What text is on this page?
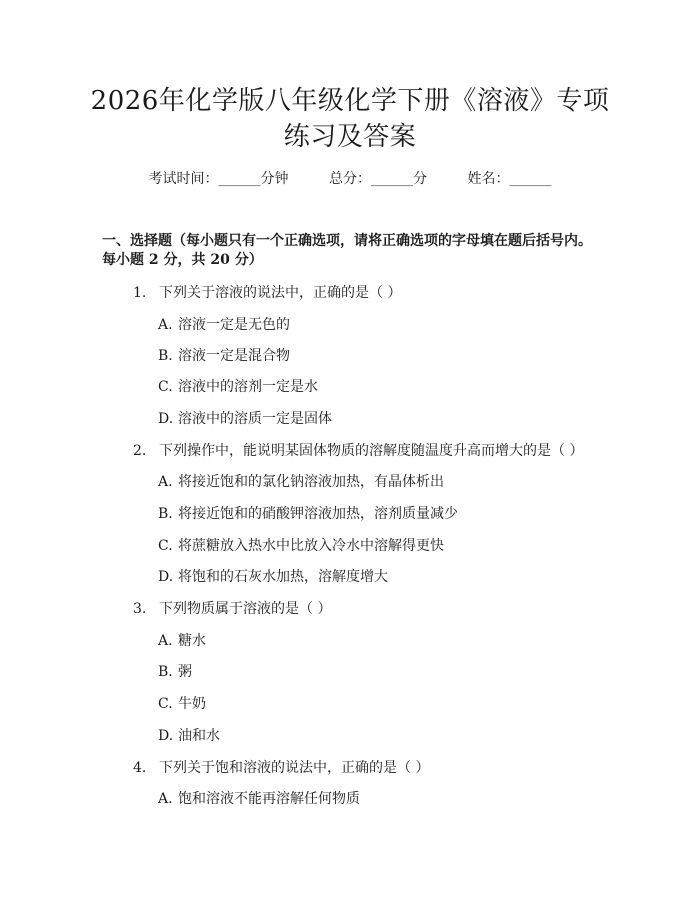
2026年化学版八年级化学下册《溶液》专项
练习及答案
考试时间：______分钟	总分：______分	姓名：______
一、选择题（每小题只有一个正确选项，请将正确选项的字母填在题后括号内。
每小题 2 分，共 20 分）
1. 下列关于溶液的说法中，正确的是（ ）
A. 溶液一定是无色的
B. 溶液一定是混合物
C. 溶液中的溶剂一定是水
D. 溶液中的溶质一定是固体
2. 下列操作中，能说明某固体物质的溶解度随温度升高而增大的是（ ）
A. 将接近饱和的氯化钠溶液加热，有晶体析出
B. 将接近饱和的硝酸钾溶液加热，溶剂质量减少
C. 将蔗糖放入热水中比放入冷水中溶解得更快
D. 将饱和的石灰水加热，溶解度增大
3. 下列物质属于溶液的是（ ）
A. 糖水
B. 粥
C. 牛奶
D. 油和水
4. 下列关于饱和溶液的说法中，正确的是（ ）
A. 饱和溶液不能再溶解任何物质
